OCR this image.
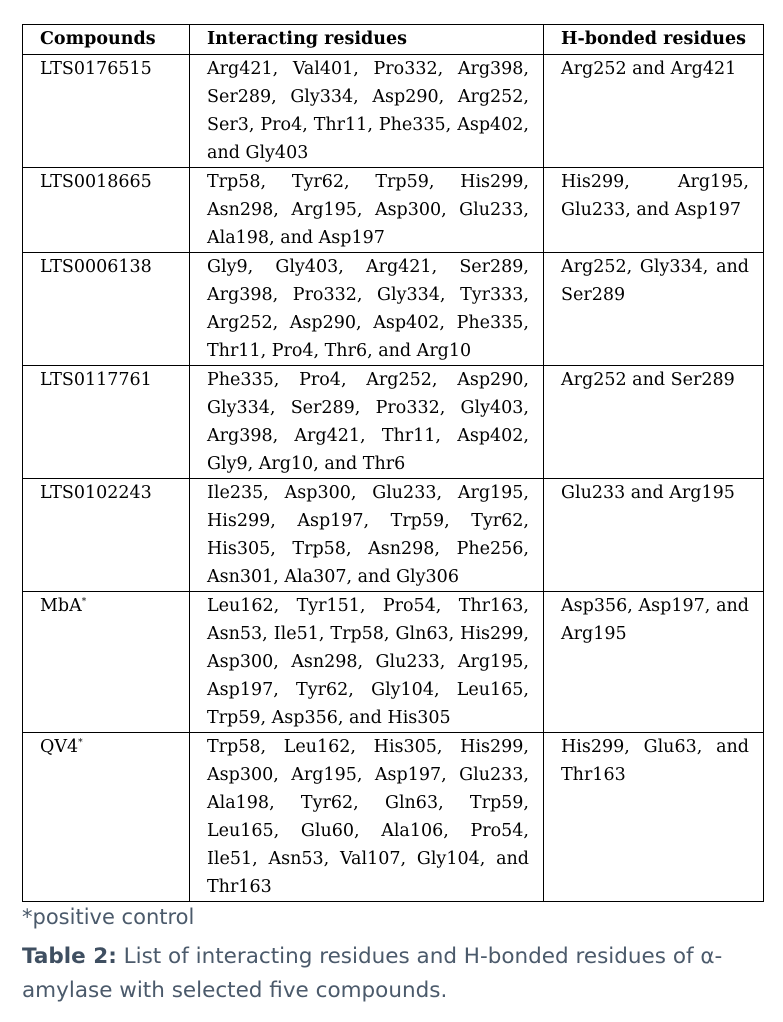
Compounds	Interacting residues	H-bonded residues
LTS0176515	Arg421, Val401, Pro332, Arg398, Ser289, Gly334, Asp290, Arg252, Ser3, Pro4, Thr11, Phe335, Asp402, and Gly403	Arg252 and Arg421
LTS0018665	Trp58, Tyr62, Trp59, His299, Asn298, Arg195, Asp300, Glu233, Ala198, and Asp197	His299, Arg195, Glu233, and Asp197
LTS0006138	Gly9, Gly403, Arg421, Ser289, Arg398, Pro332, Gly334, Tyr333, Arg252, Asp290, Asp402, Phe335, Thr11, Pro4, Thr6, and Arg10	Arg252, Gly334, and Ser289
LTS0117761	Phe335, Pro4, Arg252, Asp290, Gly334, Ser289, Pro332, Gly403, Arg398, Arg421, Thr11, Asp402, Gly9, Arg10, and Thr6	Arg252 and Ser289
LTS0102243	Ile235, Asp300, Glu233, Arg195, His299, Asp197, Trp59, Tyr62, His305, Trp58, Asn298, Phe256, Asn301, Ala307, and Gly306	Glu233 and Arg195
MbA*	Leu162, Tyr151, Pro54, Thr163, Asn53, Ile51, Trp58, Gln63, His299, Asp300, Asn298, Glu233, Arg195, Asp197, Tyr62, Gly104, Leu165, Trp59, Asp356, and His305	Asp356, Asp197, and Arg195
QV4*	Trp58, Leu162, His305, His299, Asp300, Arg195, Asp197, Glu233, Ala198, Tyr62, Gln63, Trp59, Leu165, Glu60, Ala106, Pro54, Ile51, Asn53, Val107, Gly104, and Thr163	His299, Glu63, and Thr163
*positive control
Table 2: List of interacting residues and H-bonded residues of α-amylase with selected five compounds.
